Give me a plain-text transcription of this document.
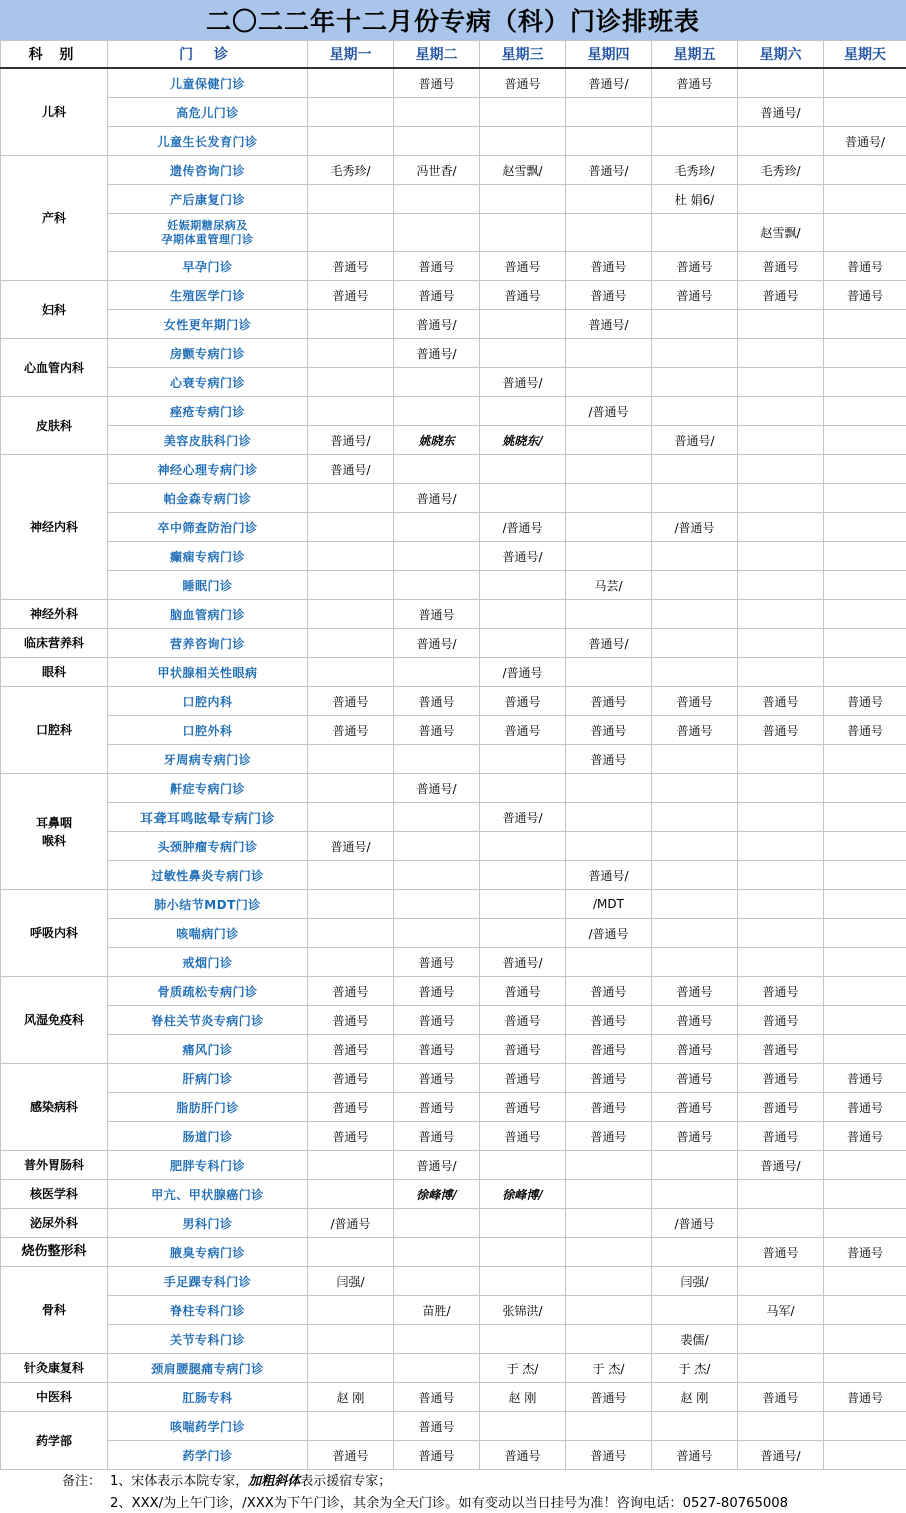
二〇二二年十二月份专病（科）门诊排班表
科 别	门 诊	星期一	星期二	星期三	星期四	星期五	星期六	星期天
儿科	儿童保健门诊		普通号	普通号	普通号/	普通号		
	高危儿门诊						普通号/	
	儿童生长发育门诊							普通号/
产科	遗传咨询门诊	毛秀珍/	冯世香/	赵雪飘/	普通号/	毛秀珍/	毛秀珍/	
	产后康复门诊					杜 娟6/		
	妊娠期糖尿病及
孕期体重管理门诊						赵雪飘/	
	早孕门诊	普通号	普通号	普通号	普通号	普通号	普通号	普通号
妇科	生殖医学门诊	普通号	普通号	普通号	普通号	普通号	普通号	普通号
	女性更年期门诊		普通号/		普通号/			
心血管内科	房颤专病门诊		普通号/					
	心衰专病门诊			普通号/				
皮肤科	痤疮专病门诊				/普通号			
	美容皮肤科门诊	普通号/	姚晓东	姚晓东/		普通号/		
神经内科	神经心理专病门诊	普通号/						
	帕金森专病门诊		普通号/					
	卒中筛查防治门诊			/普通号		/普通号		
	癫痫专病门诊			普通号/				
	睡眠门诊				马芸/			
神经外科	脑血管病门诊		普通号					
临床营养科	营养咨询门诊		普通号/		普通号/			
眼科	甲状腺相关性眼病			/普通号				
口腔科	口腔内科	普通号	普通号	普通号	普通号	普通号	普通号	普通号
	口腔外科	普通号	普通号	普通号	普通号	普通号	普通号	普通号
	牙周病专病门诊				普通号			
耳鼻咽
喉科	鼾症专病门诊		普通号/					
	耳聋耳鸣眩晕专病门诊			普通号/				
	头颈肿瘤专病门诊	普通号/						
	过敏性鼻炎专病门诊				普通号/			
呼吸内科	肺小结节MDT门诊				/MDT			
	咳喘病门诊				/普通号			
	戒烟门诊		普通号	普通号/				
风湿免疫科	骨质疏松专病门诊	普通号	普通号	普通号	普通号	普通号	普通号	
	脊柱关节炎专病门诊	普通号	普通号	普通号	普通号	普通号	普通号	
	痛风门诊	普通号	普通号	普通号	普通号	普通号	普通号	
感染病科	肝病门诊	普通号	普通号	普通号	普通号	普通号	普通号	普通号
	脂肪肝门诊	普通号	普通号	普通号	普通号	普通号	普通号	普通号
	肠道门诊	普通号	普通号	普通号	普通号	普通号	普通号	普通号
普外胃肠科	肥胖专科门诊		普通号/				普通号/	
核医学科	甲亢、甲状腺癌门诊		徐峰博/	徐峰博/				
泌尿外科	男科门诊	/普通号				/普通号		
烧伤整形科	腋臭专病门诊						普通号	普通号
骨科	手足踝专科门诊	闫强/				闫强/		
	脊柱专科门诊		苗胜/	张锦洪/			马军/	
	关节专科门诊					裴儒/		
针灸康复科	颈肩腰腿痛专病门诊			于 杰/	于 杰/	于 杰/		
中医科	肛肠专科	赵 刚	普通号	赵 刚	普通号	赵 刚	普通号	普通号
药学部	咳喘药学门诊		普通号					
	药学门诊	普通号	普通号	普通号	普通号	普通号	普通号/	
备注： 1、宋体表示本院专家，加粗斜体表示援宿专家；
2、XXX/为上午门诊，/XXX为下午门诊，其余为全天门诊。如有变动以当日挂号为准！咨询电话：0527-80765008
